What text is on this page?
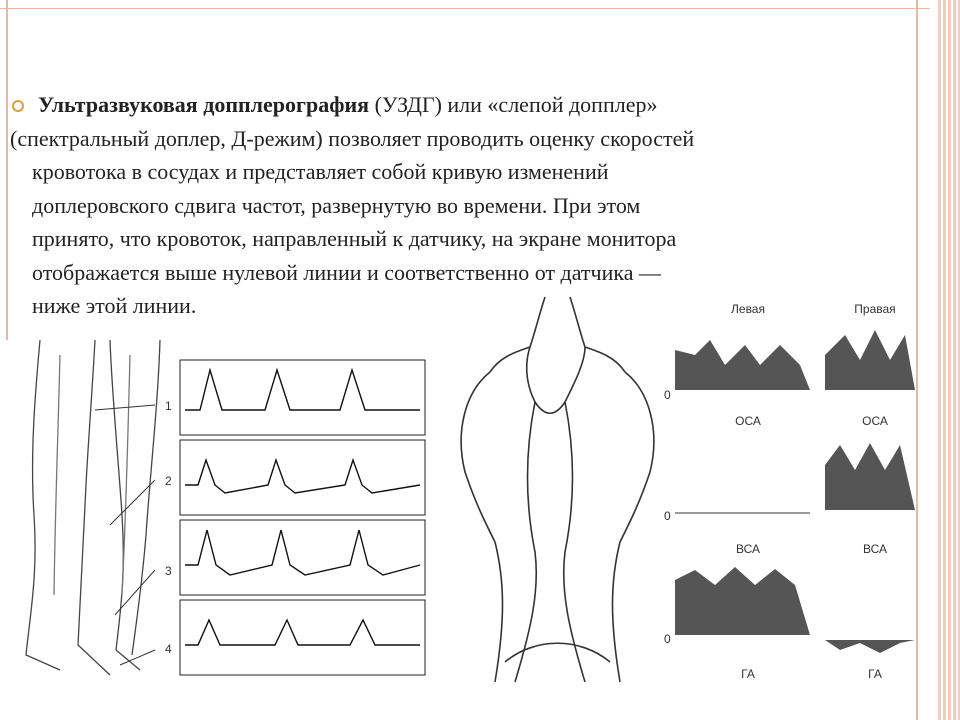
Ультразвуковая допплерография (УЗДГ) или «слепой допплер»
(спектральный доплер, Д-режим) позволяет проводить оценку скоростей
кровотока в сосудах и представляет собой кривую изменений
доплеровского сдвига частот, развернутую во времени. При этом
принято, что кровоток, направленный к датчику, на экране монитора
отображается выше нулевой линии и соответственно от датчика —
ниже этой линии.
1
2
3
4
Левая	Правая
0
ОСА	ОСА
0
ВСА	ВСА
0
ГА	ГА
